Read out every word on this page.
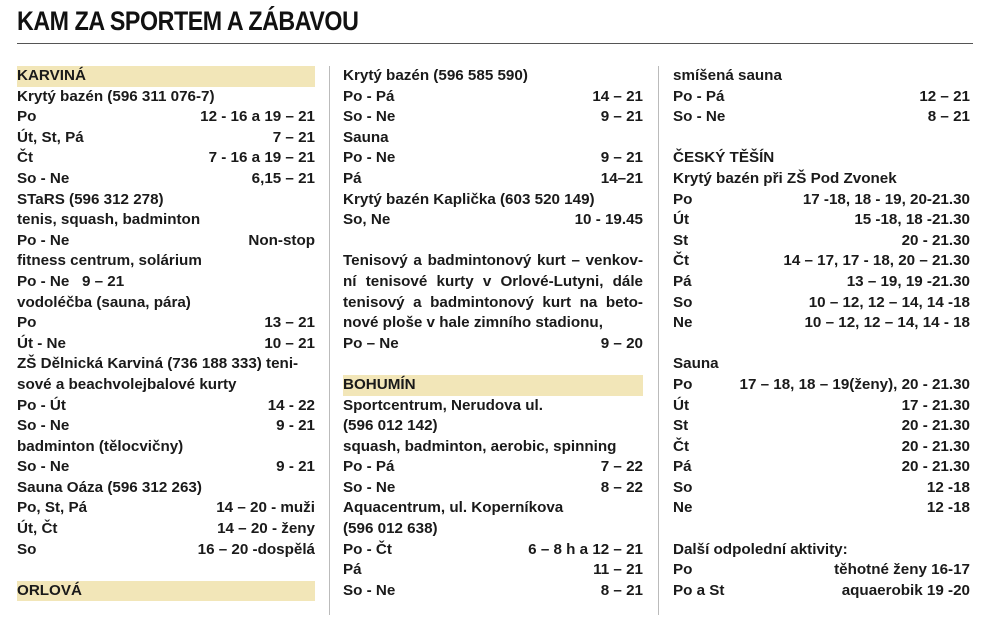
KAM ZA SPORTEM A ZÁBAVOU
KARVINÁ
Krytý bazén (596 311 076-7)
Po	12 - 16 a 19 – 21
Út, St, Pá	7 – 21
Čt	7 - 16 a 19 – 21
So - Ne	6,15 – 21
STaRS (596 312 278)
tenis, squash, badminton
Po - Ne	Non-stop
fitness centrum, solárium
Po - Ne   9 – 21
vodoléčba (sauna, pára)
Po	13 – 21
Út - Ne	10 – 21
ZŠ Dělnická Karviná (736 188 333) teni-
sové a beachvolejbalové kurty
Po - Út	14 - 22
So - Ne	9 - 21
badminton (tělocvičny)
So - Ne	9 - 21
Sauna Oáza (596 312 263)
Po, St, Pá	14 – 20 - muži
Út, Čt	14 – 20 - ženy
So	16 – 20 -dospělá
ORLOVÁ
Krytý bazén (596 585 590)
Po - Pá	14 – 21
So - Ne	9 – 21
Sauna
Po - Ne	9 – 21
Pá	14–21
Krytý bazén Kaplička (603 520 149)
So, Ne	10 - 19.45
Tenisový a badmintonový kurt – venkov-
ní tenisové kurty v Orlové-Lutyni, dále
tenisový a badmintonový kurt na beto-
nové ploše v hale zimního stadionu,
Po – Ne	9 – 20
BOHUMÍN
Sportcentrum, Nerudova ul.
(596 012 142)
squash, badminton, aerobic, spinning
Po - Pá	7 – 22
So - Ne	8 – 22
Aquacentrum, ul. Koperníkova
(596 012 638)
Po - Čt	6 – 8 h a 12 – 21
Pá	11 – 21
So - Ne	8 – 21
smíšená sauna
Po - Pá	12 – 21
So - Ne	8 – 21
ČESKÝ TĚŠÍN
Krytý bazén při ZŠ Pod Zvonek
Po	17 -18, 18 - 19, 20-21.30
Út	15 -18, 18 -21.30
St	20 - 21.30
Čt	14 – 17, 17 - 18, 20 – 21.30
Pá	13 – 19, 19 -21.30
So	10 – 12, 12 – 14, 14 -18
Ne	10 – 12, 12 – 14, 14 - 18
Sauna
Po	17 – 18, 18 – 19(ženy), 20 - 21.30
Út	17 - 21.30
St	20 - 21.30
Čt	20 - 21.30
Pá	20 - 21.30
So	12 -18
Ne	12 -18
Další odpolední aktivity:
Po	těhotné ženy 16-17
Po a St	aquaerobik 19 -20
